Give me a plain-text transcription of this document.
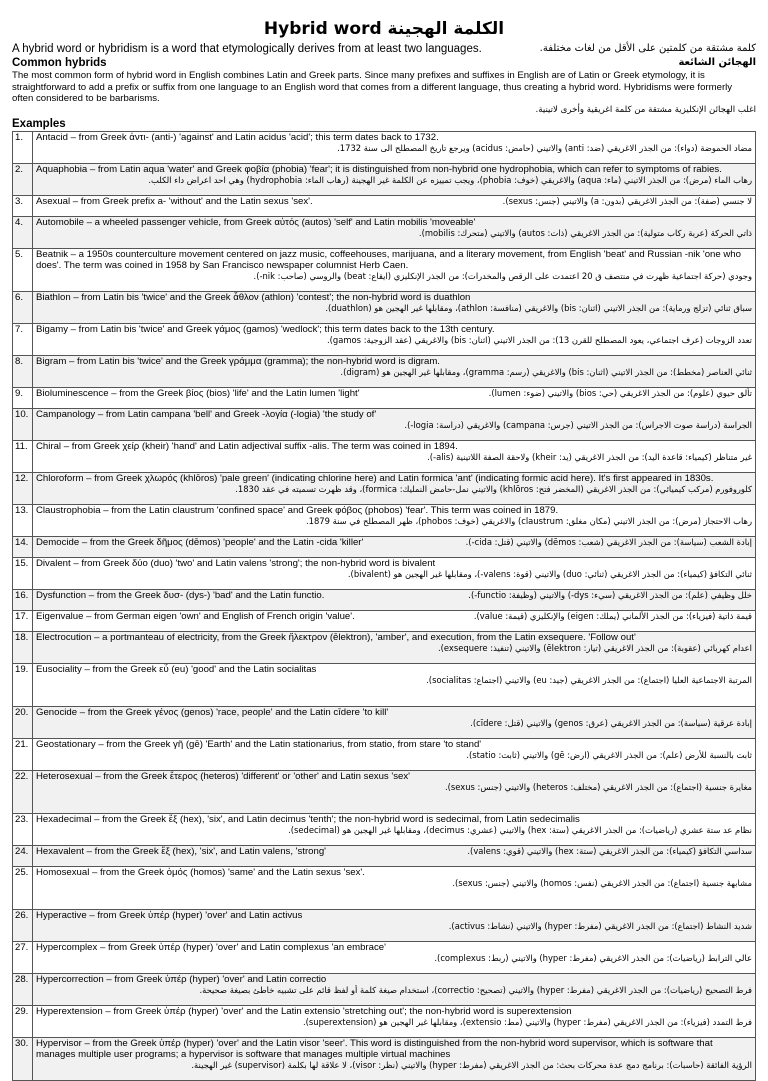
Hybrid word الكلمة الهجينة
A hybrid word or hybridism is a word that etymologically derives from at least two languages.	كلمة مشتقة من كلمتين على الأقل من لغات مختلفة.
Common hybrids	الهجائن الشائعة
The most common form of hybrid word in English combines Latin and Greek parts. Since many prefixes and suffixes in English are of Latin or Greek etymology, it is straightforward to add a prefix or suffix from one language to an English word that comes from a different language, thus creating a hybrid word. Hybridisms were formerly often considered to be barbarisms.
اغلب الهجائن الإنكليزية مشتقة من كلمة اغريقية وأخرى لاتينية.
Examples
1.	Antacid – from Greek ἀντι- (anti-) 'against' and Latin acidus 'acid'; this term dates back to 1732.
مضاد الحموضة (دواء): من الجذر الاغريقي (ضد: anti) والاتيني (حامض: acidus) ويرجع تاريخ المصطلح الى سنة 1732.

2.	Aquaphobia – from Latin aqua 'water' and Greek φοβία (phobia) 'fear'; it is distinguished from non-hybrid one hydrophobia, which can refer to symptoms of rabies.
رهاب الماء (مرض): من الجذر الاتيني (ماء: aqua) والاغريقي (خوف: phobia)، ويجب تمييزه عن الكلمة غير الهجينة (رهاب الماء: hydrophobia) وهي احد اعراض داء الكلب.

3.	Asexual – from Greek prefix a- 'without' and the Latin sexus 'sex'. لا جنسي (صفة): من الجذر الاغريقي (بدون: a) والاتيني (جنس: sexus).

4.	Automobile – a wheeled passenger vehicle, from Greek αὐτός (autos) 'self' and Latin mobilis 'moveable'
ذاتي الحركة (عربة ركاب متولية): من الجذر الاغريقي (ذات: autos) والاتيني (متحرك: mobilis).

5.	Beatnik – a 1950s counterculture movement centered on jazz music, coffeehouses, marijuana, and a literary movement, from English 'beat' and Russian -nik 'one who
does'. The term was coined in 1958 by San Francisco newspaper columnist Herb Caen.
وجودي (حركة اجتماعية ظهرت في منتصف ق 20 اعتمدت على الرقص والمخدرات): من الجذر الإنكليزي (ايقاع: beat) والروسي (صاحب: nik-).

6.	Biathlon – from Latin bis 'twice' and the Greek ἆθλον (athlon) 'contest'; the non-hybrid word is duathlon
سباق ثنائي (تزلج ورماية): من الجذر الاتيني (اثنان: bis) والاغريقي (منافسة: athlon)، ومقابلها غير الهجين هو (duathlon).

7.	Bigamy – from Latin bis 'twice' and Greek γάμος (gamos) 'wedlock'; this term dates back to the 13th century.
تعدد الزوجات (عرف اجتماعي، يعود المصطلح للقرن 13): من الجذر الاتيني (اثنان: bis) والاغريقي (عقد الزوجية: gamos).

8.	Bigram – from Latin bis 'twice' and the Greek γράμμα (gramma); the non-hybrid word is digram.
ثنائي العناصر (مخطط): من الجذر الاتيني (اثنان: bis) والاغريقي (رسم: gramma)، ومقابلها غير الهجين هو (digram).

9.	Bioluminescence – from the Greek βίος (bios) 'life' and the Latin lumen 'light' تألق حيوي (علوم): من الجذر الاغريقي (حي: bios) والاتيني (ضوء: lumen).

10.	Campanology – from Latin campana 'bell' and Greek -λογία (-logia) 'the study of'
الجراسة (دراسة صوت الاجراس): من الجذر الاتيني (جرس: campana) والاغريقي (دراسة: logia-).

11.	Chiral – from Greek χείρ (kheir) 'hand' and Latin adjectival suffix -alis. The term was coined in 1894.
غير متناظر (كيمياء: قاعدة اليد): من الجذر الاغريقي (يد: kheir) ولاحقة الصفة اللاتينية (alis-).

12.	Chloroform – from Greek χλωρός (khlōros) 'pale green' (indicating chlorine here) and Latin formica 'ant' (indicating formic acid here). It's first appeared in 1830s.
كلوروفورم (مركب كيميائي): من الجذر الاغريقي (المخضر فتح: khlōros) والاتيني نمل-حامض النمليك: formica)، وقد ظهرت تسميته في عقد 1830.

13.	Claustrophobia – from the Latin claustrum 'confined space' and Greek φόβος (phobos) 'fear'. This term was coined in 1879.
رهاب الاحتجاز (مرض): من الجذر الاتيني (مكان مغلق: claustrum) والاغريقي (خوف: phobos)، ظهر المصطلح في سنة 1879.

14.	Democide – from the Greek δῆμος (dēmos) 'people' and the Latin -cida 'killer' إبادة الشعب (سياسة): من الجذر الاغريقي (شعب: dēmos) والاتيني (قتل: cida-).

15.	Divalent – from Greek δύο (duo) 'two' and Latin valens 'strong'; the non-hybrid word is bivalent
ثنائي التكافؤ (كيمياء): من الجذر الاغريقي (ثنائي: duo) والاتيني (قوة: valens-)، ومقابلها غير الهجين هو (bivalent).

16.	Dysfunction – from the Greek δυσ- (dys-) 'bad' and the Latin functio. خلل وظيفي (علم): من الجذر الاغريقي (سيء: dys-) والاتيني (وظيفة: functio-).

17.	Eigenvalue – from German eigen 'own' and English of French origin 'value'. قيمة ذاتية (فيزياء): من الجذر الألماني (يملك: eigen) والإنكليزي (قيمة: value).

18.	Electrocution – a portmanteau of electricity, from the Greek ἤλεκτρον (ēlektron), 'amber', and execution, from the Latin exsequere. 'Follow out'
اعدام كهربائي (عقوبة): من الجذر الاغريقي (تيار: ēlektron) والاتيني (تنفيذ: exsequere).

19.	Eusociality – from the Greek εὖ (eu) 'good' and the Latin socialitas
المرتبة الاجتماعية العليا (اجتماع): من الجذر الاغريقي (جيد: eu) والاتيني (اجتماع: socialitas).

20.	Genocide – from the Greek γένος (genos) 'race, people' and the Latin cīdere 'to kill'
إبادة عرقية (سياسة): من الجذر الاغريقي (عرق: genos) والاتيني (قتل: cīdere).

21.	Geostationary – from the Greek γῆ (gē) 'Earth' and the Latin stationarius, from statio, from stare 'to stand'
ثابت بالنسبة للأرض (علم): من الجذر الاغريقي (ارض: gē) والاتيني (ثابت: statio).

22.	Heterosexual – from the Greek ἕτερος (heteros) 'different' or 'other' and Latin sexus 'sex'
مغايرة جنسية (اجتماع): من الجذر الاغريقي (مختلف: heteros) والاتيني (جنس: sexus).

23.	Hexadecimal – from the Greek ἕξ (hex), 'six', and Latin decimus 'tenth'; the non-hybrid word is sedecimal, from Latin sedecimalis
نظام عد ستة عشري (رياضيات): من الجذر الاغريقي (ستة: hex) والاتيني (عشري: decimus)، ومقابلها غير الهجين هو (sedecimal).

24.	Hexavalent – from the Greek ἕξ (hex), 'six', and Latin valens, 'strong' سداسي التكافؤ (كيمياء): من الجذر الاغريقي (ستة: hex) والاتيني (قوي: valens).

25.	Homosexual – from the Greek ὁμός (homos) 'same' and the Latin sexus 'sex'.
مشابهة جنسية (اجتماع): من الجذر الاغريقي (نفس: homos) والاتيني (جنس: sexus).

26.	Hyperactive – from Greek ὑπέρ (hyper) 'over' and Latin activus
شديد النشاط (اجتماع): من الجذر الاغريقي (مفرط: hyper) والاتيني (نشاط: activus).

27.	Hypercomplex – from Greek ὑπέρ (hyper) 'over' and Latin complexus 'an embrace'
عالي الترابط (رياضيات): من الجذر الاغريقي (مفرط: hyper) والاتيني (ربط: complexus).

28.	Hypercorrection – from Greek ὑπέρ (hyper) 'over' and Latin correctio
فرط التصحيح (رياضيات): من الجذر الاغريقي (مفرط: hyper) والاتيني (تصحيح: correctio)، استخدام صيغة كلمة أو لفظ قائم على تشبيه خاطئ بصيغة صحيحة.

29.	Hyperextension – from Greek ὑπέρ (hyper) 'over' and the Latin extensio 'stretching out'; the non-hybrid word is superextension
فرط التمدد (فيزياء): من الجذر الاغريقي (مفرط: hyper) والاتيني (مط: extensio)، ومقابلها غير الهجين هو (superextension).

30.	Hypervisor – from the Greek ὑπέρ (hyper) 'over' and the Latin visor 'seer'. This word is distinguished from the non-hybrid word supervisor, which is software that
manages multiple user programs; a hypervisor is software that manages multiple virtual machines
الرؤية الفائقة (حاسبات): برنامج دمج عدة محركات بحث: من الجذر الاغريقي (مفرط: hyper) والاتيني (نظر: visor)، لا علاقة لها بكلمة (supervisor) غير الهجينة.
